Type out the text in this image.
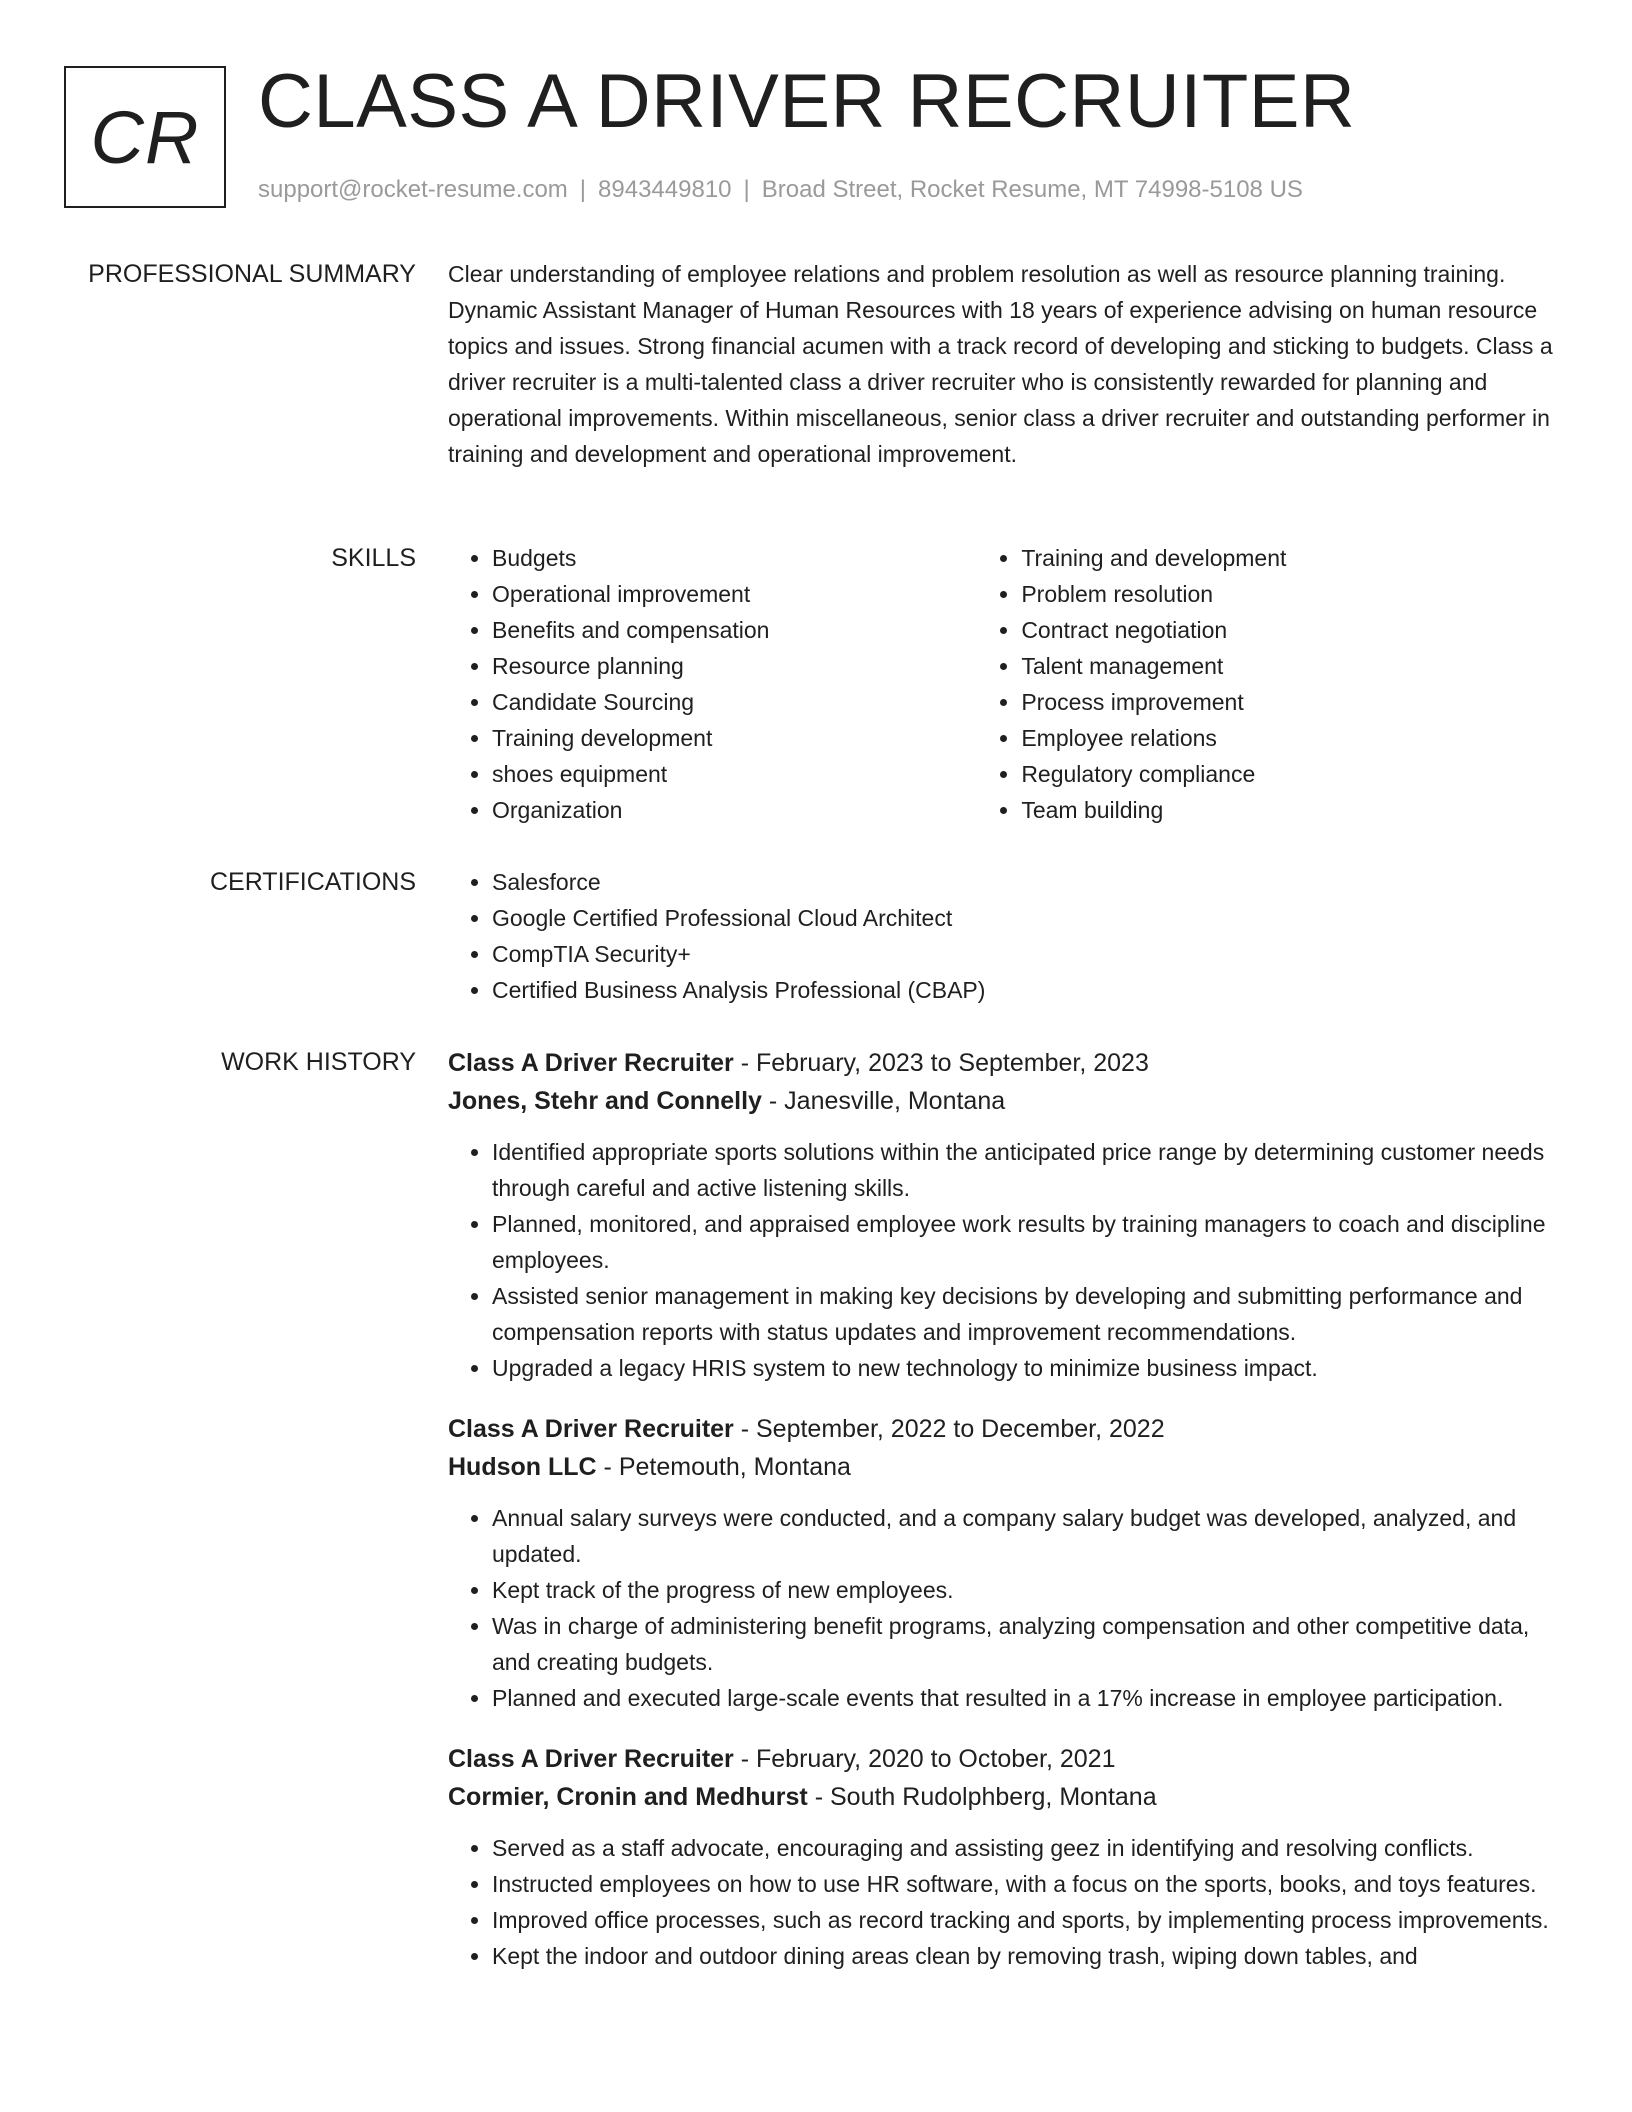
CR CLASS A DRIVER RECRUITER
support@rocket-resume.com | 8943449810 | Broad Street, Rocket Resume, MT 74998-5108 US
PROFESSIONAL SUMMARY Clear understanding of employee relations and problem resolution as well as resource planning training. Dynamic Assistant Manager of Human Resources with 18 years of experience advising on human resource topics and issues. Strong financial acumen with a track record of developing and sticking to budgets. Class a driver recruiter is a multi-talented class a driver recruiter who is consistently rewarded for planning and operational improvements. Within miscellaneous, senior class a driver recruiter and outstanding performer in training and development and operational improvement.

SKILLS	• Budgets
• Operational improvement
• Benefits and compensation
• Resource planning
• Candidate Sourcing
• Training development
• shoes equipment
• Organization
• Training and development
• Problem resolution
• Contract negotiation
• Talent management
• Process improvement
• Employee relations
• Regulatory compliance
• Team building
CERTIFICATIONS	• Salesforce
• Google Certified Professional Cloud Architect
• CompTIA Security+
• Certified Business Analysis Professional (CBAP)
WORK HISTORY Class A Driver Recruiter - February, 2023 to September, 2023
Jones, Stehr and Connelly - Janesville, Montana
• Identified appropriate sports solutions within the anticipated price range by determining customer needs through careful and active listening skills.
• Planned, monitored, and appraised employee work results by training managers to coach and discipline employees.
• Assisted senior management in making key decisions by developing and submitting performance and compensation reports with status updates and improvement recommendations.
• Upgraded a legacy HRIS system to new technology to minimize business impact.
Class A Driver Recruiter - September, 2022 to December, 2022
Hudson LLC - Petemouth, Montana
• Annual salary surveys were conducted, and a company salary budget was developed, analyzed, and updated.
• Kept track of the progress of new employees.
• Was in charge of administering benefit programs, analyzing compensation and other competitive data, and creating budgets.
• Planned and executed large-scale events that resulted in a 17% increase in employee participation.
Class A Driver Recruiter - February, 2020 to October, 2021
Cormier, Cronin and Medhurst - South Rudolphberg, Montana
• Served as a staff advocate, encouraging and assisting geez in identifying and resolving conflicts.
• Instructed employees on how to use HR software, with a focus on the sports, books, and toys features.
• Improved office processes, such as record tracking and sports, by implementing process improvements.
• Kept the indoor and outdoor dining areas clean by removing trash, wiping down tables, and
